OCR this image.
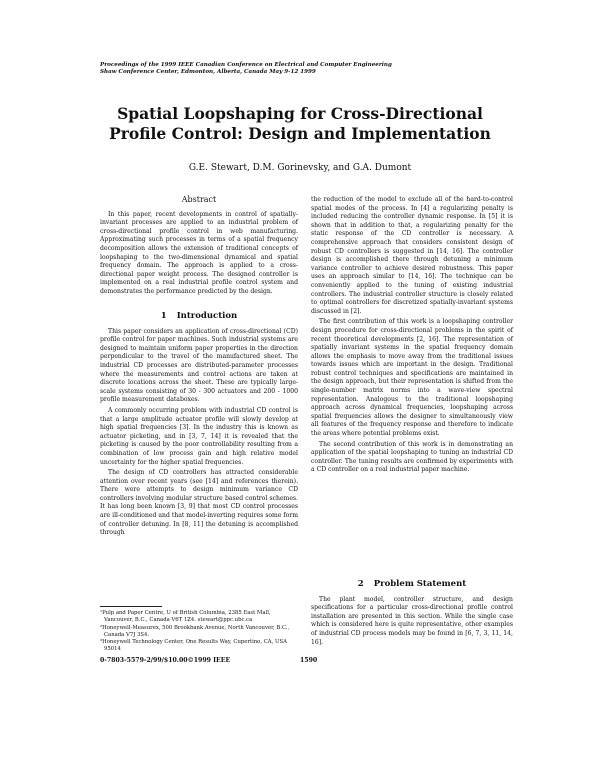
Proceedings of the 1999 IEEE Canadian Conference on Electrical and Computer Engineering
Shaw Conference Center, Edmonton, Alberta, Canada May 9-12 1999
Spatial Loopshaping for Cross-Directional
Profile Control: Design and Implementation
G.E. Stewart, D.M. Gorinevsky, and G.A. Dumont
Abstract

In this paper, recent developments in control of spatially-invariant processes are applied to an industrial problem of cross-directional profile control in web manufacturing. Approximating such processes in terms of a spatial frequency decomposition allows the extension of traditional concepts of loopshaping to the two-dimensional dynamical and spatial frequency domain. The approach is applied to a cross-directional paper weight process. The designed controller is implemented on a real industrial profile control system and demonstrates the performance predicted by the design.

1 Introduction

This paper considers an application of cross-directional (CD) profile control for paper machines. Such industrial systems are designed to maintain uniform paper properties in the direction perpendicular to the travel of the manufactured sheet. The industrial CD processes are distributed-parameter processes where the measurements and control actions are taken at discrete locations across the sheet. These are typically large-scale systems consisting of 30 - 300 actuators and 200 - 1000 profile measurement databoxes.

A commonly occurring problem with industrial CD control is that a large amplitude actuator profile will slowly develop at high spatial frequencies [3]. In the industry this is known as actuator picketing, and in [3, 7, 14] it is revealed that the picketing is caused by the poor controllability resulting from a combination of low process gain and high relative model uncertainty for the higher spatial frequencies.

The design of CD controllers has attracted considerable attention over recent years (see [14] and references therein). There were attempts to design minimum variance CD controllers involving modular structure based control schemes. It has long been known [3, 9] that most CD control processes are ill-conditioned and that model-inverting requires some form of controller detuning. In [8, 11] the detuning is accomplished through

¹Pulp and Paper Centre, U of British Columbia, 2385 East Mall, Vancouver, B.C., Canada V6T 1Z4. stewart@ppc.ubc.ca
²Honeywell-Measurex, 500 Brookbank Avenue, North Vancouver, B.C., Canada V7J 3S4.
³Honeywell Technology Center, One Results Way, Cupertino, CA, USA 95014

the reduction of the model to exclude all of the hard-to-control spatial modes of the process. In [4] a regularizing penalty is included reducing the controller dynamic response. In [5] it is shown that in addition to that, a regularizing penalty for the static response of the CD controller is necessary. A comprehensive approach that considers consistent design of robust CD controllers is suggested in [14, 16]. The controller design is accomplished there through detuning a minimum variance controller to achieve desired robustness. This paper uses an approach similar to [14, 16]. The technique can be conveniently applied to the tuning of existing industrial controllers. The industrial controller structure is closely related to optimal controllers for discretized spatially-invariant systems discussed in [2].

The first contribution of this work is a loopshaping controller design procedure for cross-directional problems in the spirit of recent theoretical developments [2, 16]. The representation of spatially invariant systems in the spatial frequency domain allows the emphasis to move away from the traditional issues towards issues which are important in the design. Traditional robust control techniques and specifications are maintained in the design approach, but their representation is shifted from the single-number matrix norms into a wave-view spectral representation. Analogous to the traditional loopshaping approach across dynamical frequencies, loopshaping across spatial frequencies allows the designer to simultaneously view all features of the frequency response and therefore to indicate the areas where potential problems exist.

The second contribution of this work is in demonstrating an application of the spatial loopshaping to tuning an industrial CD controller. The tuning results are confirmed by experiments with a CD controller on a real industrial paper machine.

2 Problem Statement

The plant model, controller structure, and design specifications for a particular cross-directional profile control installation are presented in this section. While the single case which is considered here is quite representative, other examples of industrial CD process models may be found in [6, 7, 3, 11, 14, 16].

0-7803-5579-2/99/$10.00©1999 IEEE	1590
